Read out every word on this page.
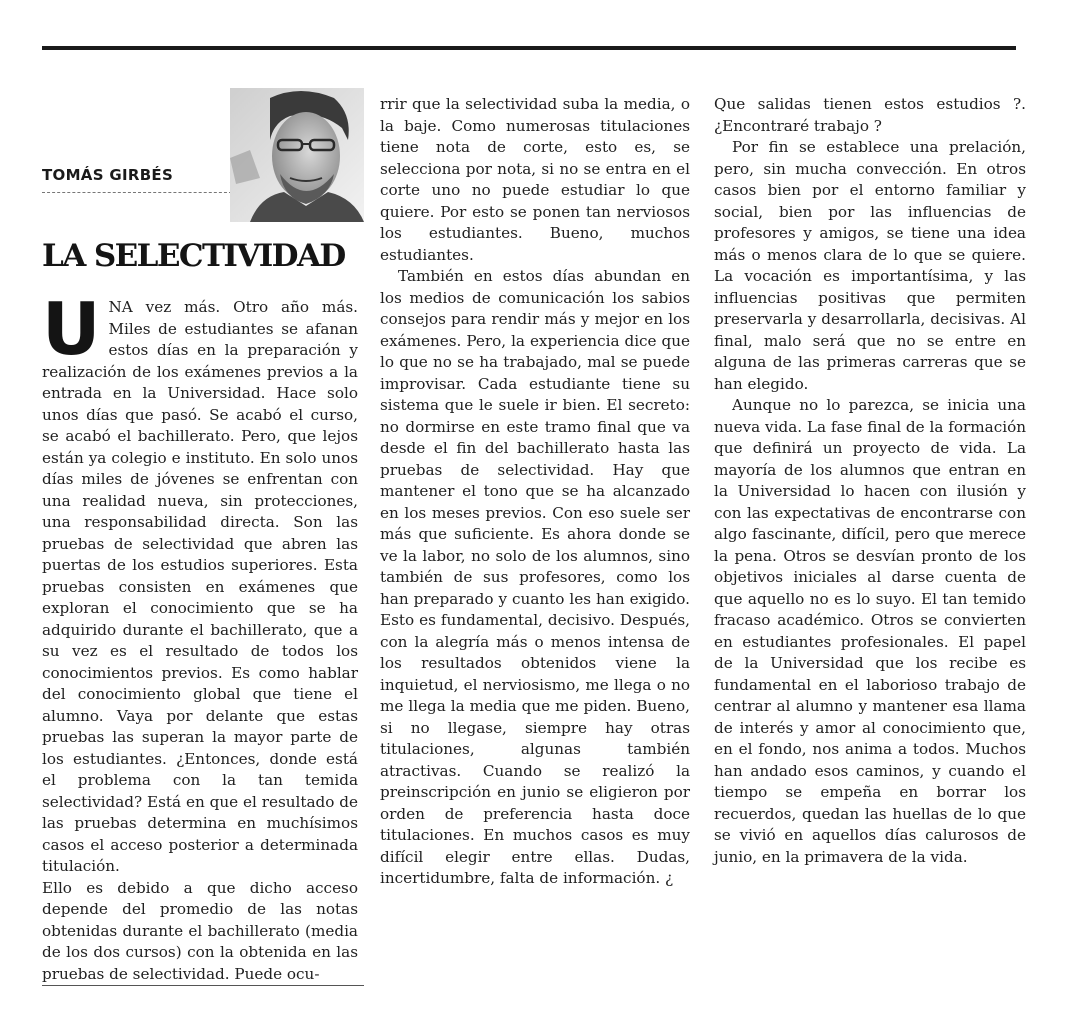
TOMÁS GIRBÉS
LA SELECTIVIDAD

UNA vez más. Otro año más. Miles de estudiantes se afanan estos días en la preparación y realización de los exámenes previos a la entrada en la Universidad. Hace solo unos días que pasó. Se acabó el curso, se acabó el bachillerato. Pero, que lejos están ya colegio e instituto. En solo unos días miles de jóvenes se enfrentan con una realidad nueva, sin protecciones, una responsabilidad directa. Son las pruebas de selectividad que abren las puertas de los estudios superiores. Esta pruebas consisten en exámenes que exploran el conocimiento que se ha adquirido durante el bachillerato, que a su vez es el resultado de todos los conocimientos previos. Es como hablar del conocimiento global que tiene el alumno. Vaya por delante que estas pruebas las superan la mayor parte de los estudiantes. ¿Entonces, donde está el problema con la tan temida selectividad? Está en que el resultado de las pruebas determina en muchísimos casos el acceso posterior a determinada titulación.

Ello es debido a que dicho acceso depende del promedio de las notas obtenidas durante el bachillerato (media de los dos cursos) con la obtenida en las pruebas de selectividad. Puede ocu-

rrir que la selectividad suba la media, o la baje. Como numerosas titulaciones tiene nota de corte, esto es, se selecciona por nota, si no se entra en el corte uno no puede estudiar lo que quiere. Por esto se ponen tan nerviosos los estudiantes. Bueno, muchos estudiantes.

También en estos días abundan en los medios de comunicación los sabios consejos para rendir más y mejor en los exámenes. Pero, la experiencia dice que lo que no se ha trabajado, mal se puede improvisar. Cada estudiante tiene su sistema que le suele ir bien. El secreto: no dormirse en este tramo final que va desde el fin del bachillerato hasta las pruebas de selectividad. Hay que mantener el tono que se ha alcanzado en los meses previos. Con eso suele ser más que suficiente. Es ahora donde se ve la labor, no solo de los alumnos, sino también de sus profesores, como los han preparado y cuanto les han exigido. Esto es fundamental, decisivo. Después, con la alegría más o menos intensa de los resultados obtenidos viene la inquietud, el nerviosismo, me llega o no me llega la media que me piden. Bueno, si no llegase, siempre hay otras titulaciones, algunas también atractivas. Cuando se realizó la preinscripción en junio se eligieron por orden de preferencia hasta doce titulaciones. En muchos casos es muy difícil elegir entre ellas. Dudas, incertidumbre, falta de información. ¿

Que salidas tienen estos estudios ?. ¿Encontraré trabajo ?

Por fin se establece una prelación, pero, sin mucha convección. En otros casos bien por el entorno familiar y social, bien por las influencias de profesores y amigos, se tiene una idea más o menos clara de lo que se quiere. La vocación es importantísima, y las influencias positivas que permiten preservarla y desarrollarla, decisivas. Al final, malo será que no se entre en alguna de las primeras carreras que se han elegido.

Aunque no lo parezca, se inicia una nueva vida. La fase final de la formación que definirá un proyecto de vida. La mayoría de los alumnos que entran en la Universidad lo hacen con ilusión y con las expectativas de encontrarse con algo fascinante, difícil, pero que merece la pena. Otros se desvían pronto de los objetivos iniciales al darse cuenta de que aquello no es lo suyo. El tan temido fracaso académico. Otros se convierten en estudiantes profesionales. El papel de la Universidad que los recibe es fundamental en el laborioso trabajo de centrar al alumno y mantener esa llama de interés y amor al conocimiento que, en el fondo, nos anima a todos. Muchos han andado esos caminos, y cuando el tiempo se empeña en borrar los recuerdos, quedan las huellas de lo que se vivió en aquellos días calurosos de junio, en la primavera de la vida.
